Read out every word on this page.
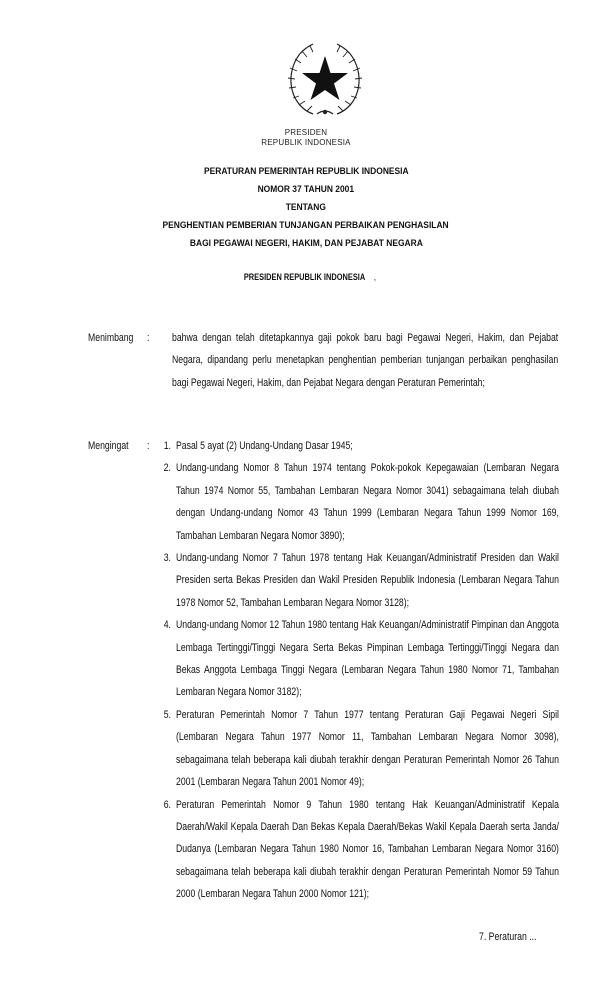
PRESIDEN
REPUBLIK INDONESIA
PERATURAN PEMERINTAH REPUBLIK INDONESIA
NOMOR 37 TAHUN 2001
TENTANG
PENGHENTIAN PEMBERIAN TUNJANGAN PERBAIKAN PENGHASILAN
BAGI PEGAWAI NEGERI, HAKIM, DAN PEJABAT NEGARA
PRESIDEN REPUBLIK INDONESIA ,
Menimbang : bahwa dengan telah ditetapkannya gaji pokok baru bagi Pegawai Negeri, Hakim, dan Pejabat Negara, dipandang perlu menetapkan penghentian pemberian tunjangan perbaikan penghasilan bagi Pegawai Negeri, Hakim, dan Pejabat Negara dengan Peraturan Pemerintah;
Mengingat : 1. Pasal 5 ayat (2) Undang-Undang Dasar 1945;
2. Undang-undang Nomor 8 Tahun 1974 tentang Pokok-pokok Kepegawaian (Lembaran Negara Tahun 1974 Nomor 55, Tambahan Lembaran Negara Nomor 3041) sebagaimana telah diubah dengan Undang-undang Nomor 43 Tahun 1999 (Lembaran Negara Tahun 1999 Nomor 169, Tambahan Lembaran Negara Nomor 3890);
3. Undang-undang Nomor 7 Tahun 1978 tentang Hak Keuangan/Administratif Presiden dan Wakil Presiden serta Bekas Presiden dan Wakil Presiden Republik Indonesia (Lembaran Negara Tahun 1978 Nomor 52, Tambahan Lembaran Negara Nomor 3128);
4. Undang-undang Nomor 12 Tahun 1980 tentang Hak Keuangan/Administratif Pimpinan dan Anggota Lembaga Tertinggi/Tinggi Negara Serta Bekas Pimpinan Lembaga Tertinggi/Tinggi Negara dan Bekas Anggota Lembaga Tinggi Negara (Lembaran Negara Tahun 1980 Nomor 71, Tambahan Lembaran Negara Nomor 3182);
5. Peraturan Pemerintah Nomor 7 Tahun 1977 tentang Peraturan Gaji Pegawai Negeri Sipil (Lembaran Negara Tahun 1977 Nomor 11, Tambahan Lembaran Negara Nomor 3098), sebagaimana telah beberapa kali diubah terakhir dengan Peraturan Pemerintah Nomor 26 Tahun 2001 (Lembaran Negara Tahun 2001 Nomor 49);
6. Peraturan Pemerintah Nomor 9 Tahun 1980 tentang Hak Keuangan/Administratif Kepala Daerah/Wakil Kepala Daerah Dan Bekas Kepala Daerah/Bekas Wakil Kepala Daerah serta Janda/ Dudanya (Lembaran Negara Tahun 1980 Nomor 16, Tambahan Lembaran Negara Nomor 3160) sebagaimana telah beberapa kali diubah terakhir dengan Peraturan Pemerintah Nomor 59 Tahun 2000 (Lembaran Negara Tahun 2000 Nomor 121);
7. Peraturan ...
